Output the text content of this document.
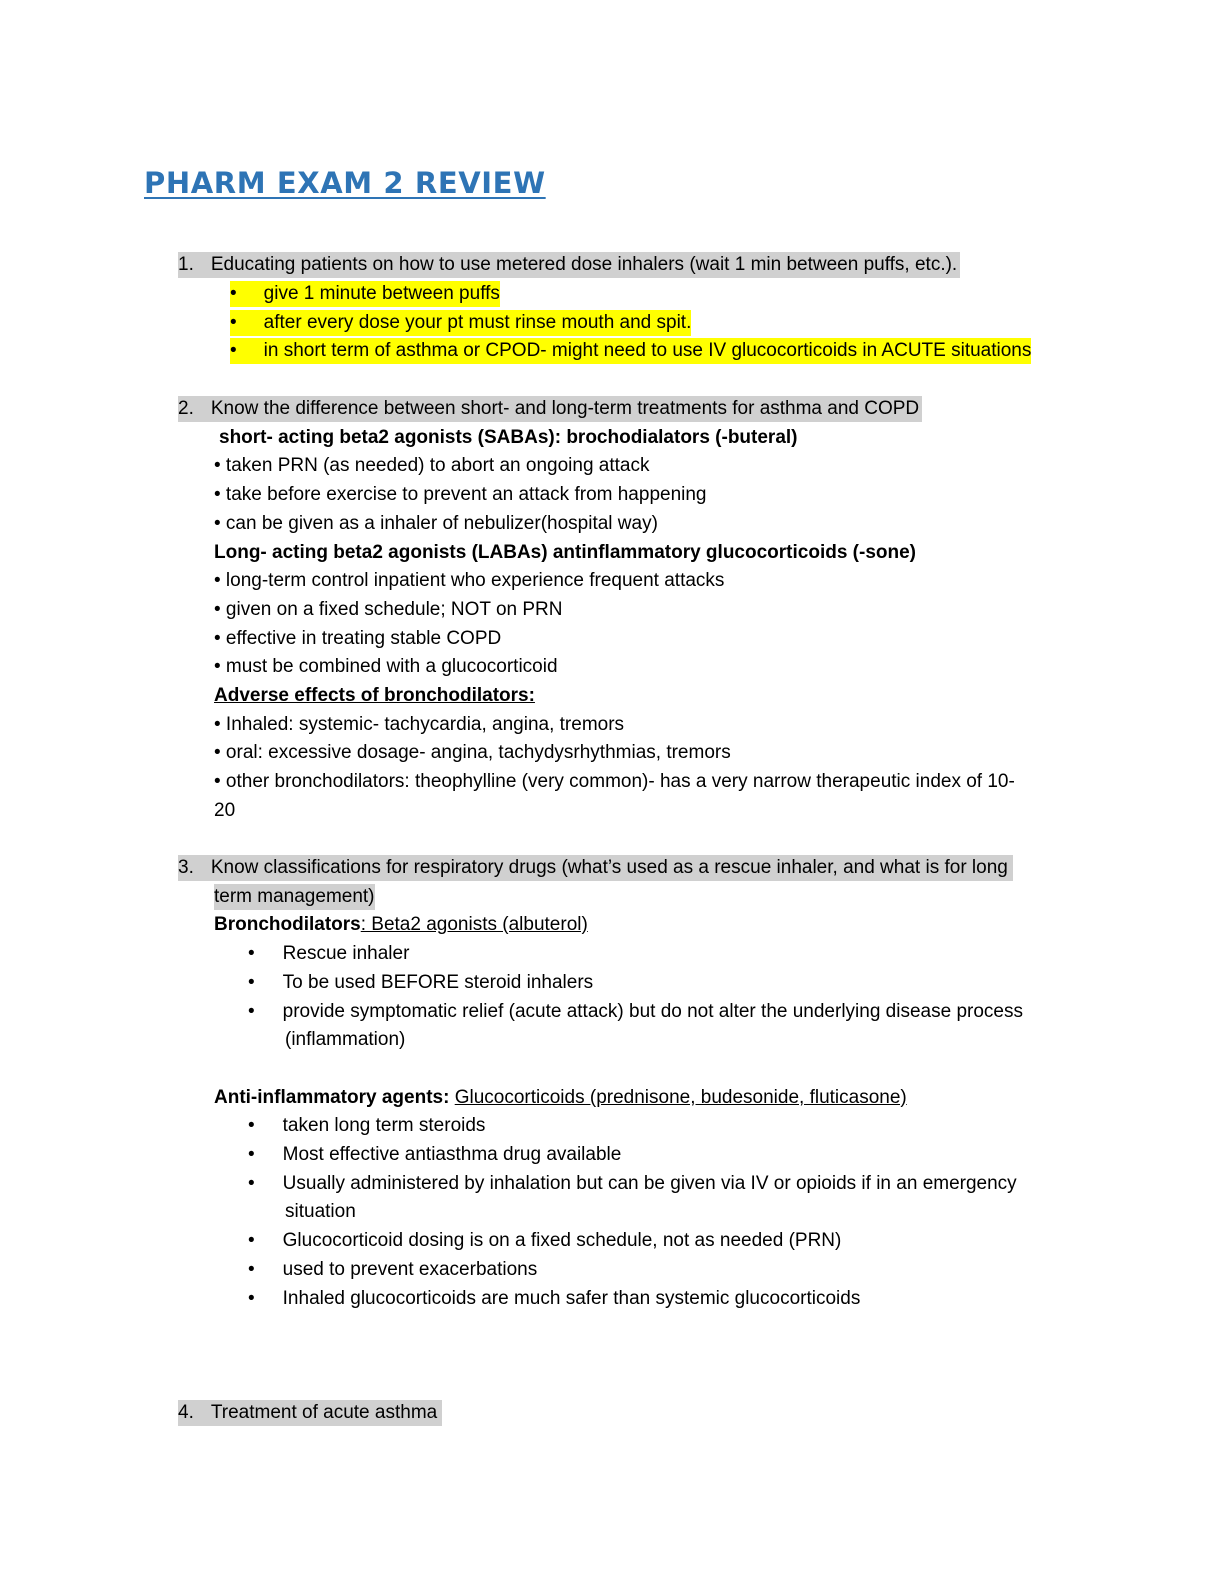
PHARM EXAM 2 REVIEW
1. Educating patients on how to use metered dose inhalers (wait 1 min between puffs, etc.).
• give 1 minute between puffs
• after every dose your pt must rinse mouth and spit.
• in short term of asthma or CPOD- might need to use IV glucocorticoids in ACUTE situations
2. Know the difference between short- and long-term treatments for asthma and COPD
short- acting beta2 agonists (SABAs): brochodialators (-buteral)
• taken PRN (as needed) to abort an ongoing attack
• take before exercise to prevent an attack from happening
• can be given as a inhaler of nebulizer(hospital way)
Long- acting beta2 agonists (LABAs) antinflammatory glucocorticoids (-sone)
• long-term control inpatient who experience frequent attacks
• given on a fixed schedule; NOT on PRN
• effective in treating stable COPD
• must be combined with a glucocorticoid
Adverse effects of bronchodilators:
• Inhaled: systemic- tachycardia, angina, tremors
• oral: excessive dosage- angina, tachydysrhythmias, tremors
• other bronchodilators: theophylline (very common)- has a very narrow therapeutic index of 10-
20
3. Know classifications for respiratory drugs (what’s used as a rescue inhaler, and what is for long
term management)
Bronchodilators: Beta2 agonists (albuterol)
• Rescue inhaler
• To be used BEFORE steroid inhalers
• provide symptomatic relief (acute attack) but do not alter the underlying disease process
(inflammation)
Anti-inflammatory agents: Glucocorticoids (prednisone, budesonide, fluticasone)
• taken long term steroids
• Most effective antiasthma drug available
• Usually administered by inhalation but can be given via IV or opioids if in an emergency
situation
• Glucocorticoid dosing is on a fixed schedule, not as needed (PRN)
• used to prevent exacerbations
• Inhaled glucocorticoids are much safer than systemic glucocorticoids
4. Treatment of acute asthma
